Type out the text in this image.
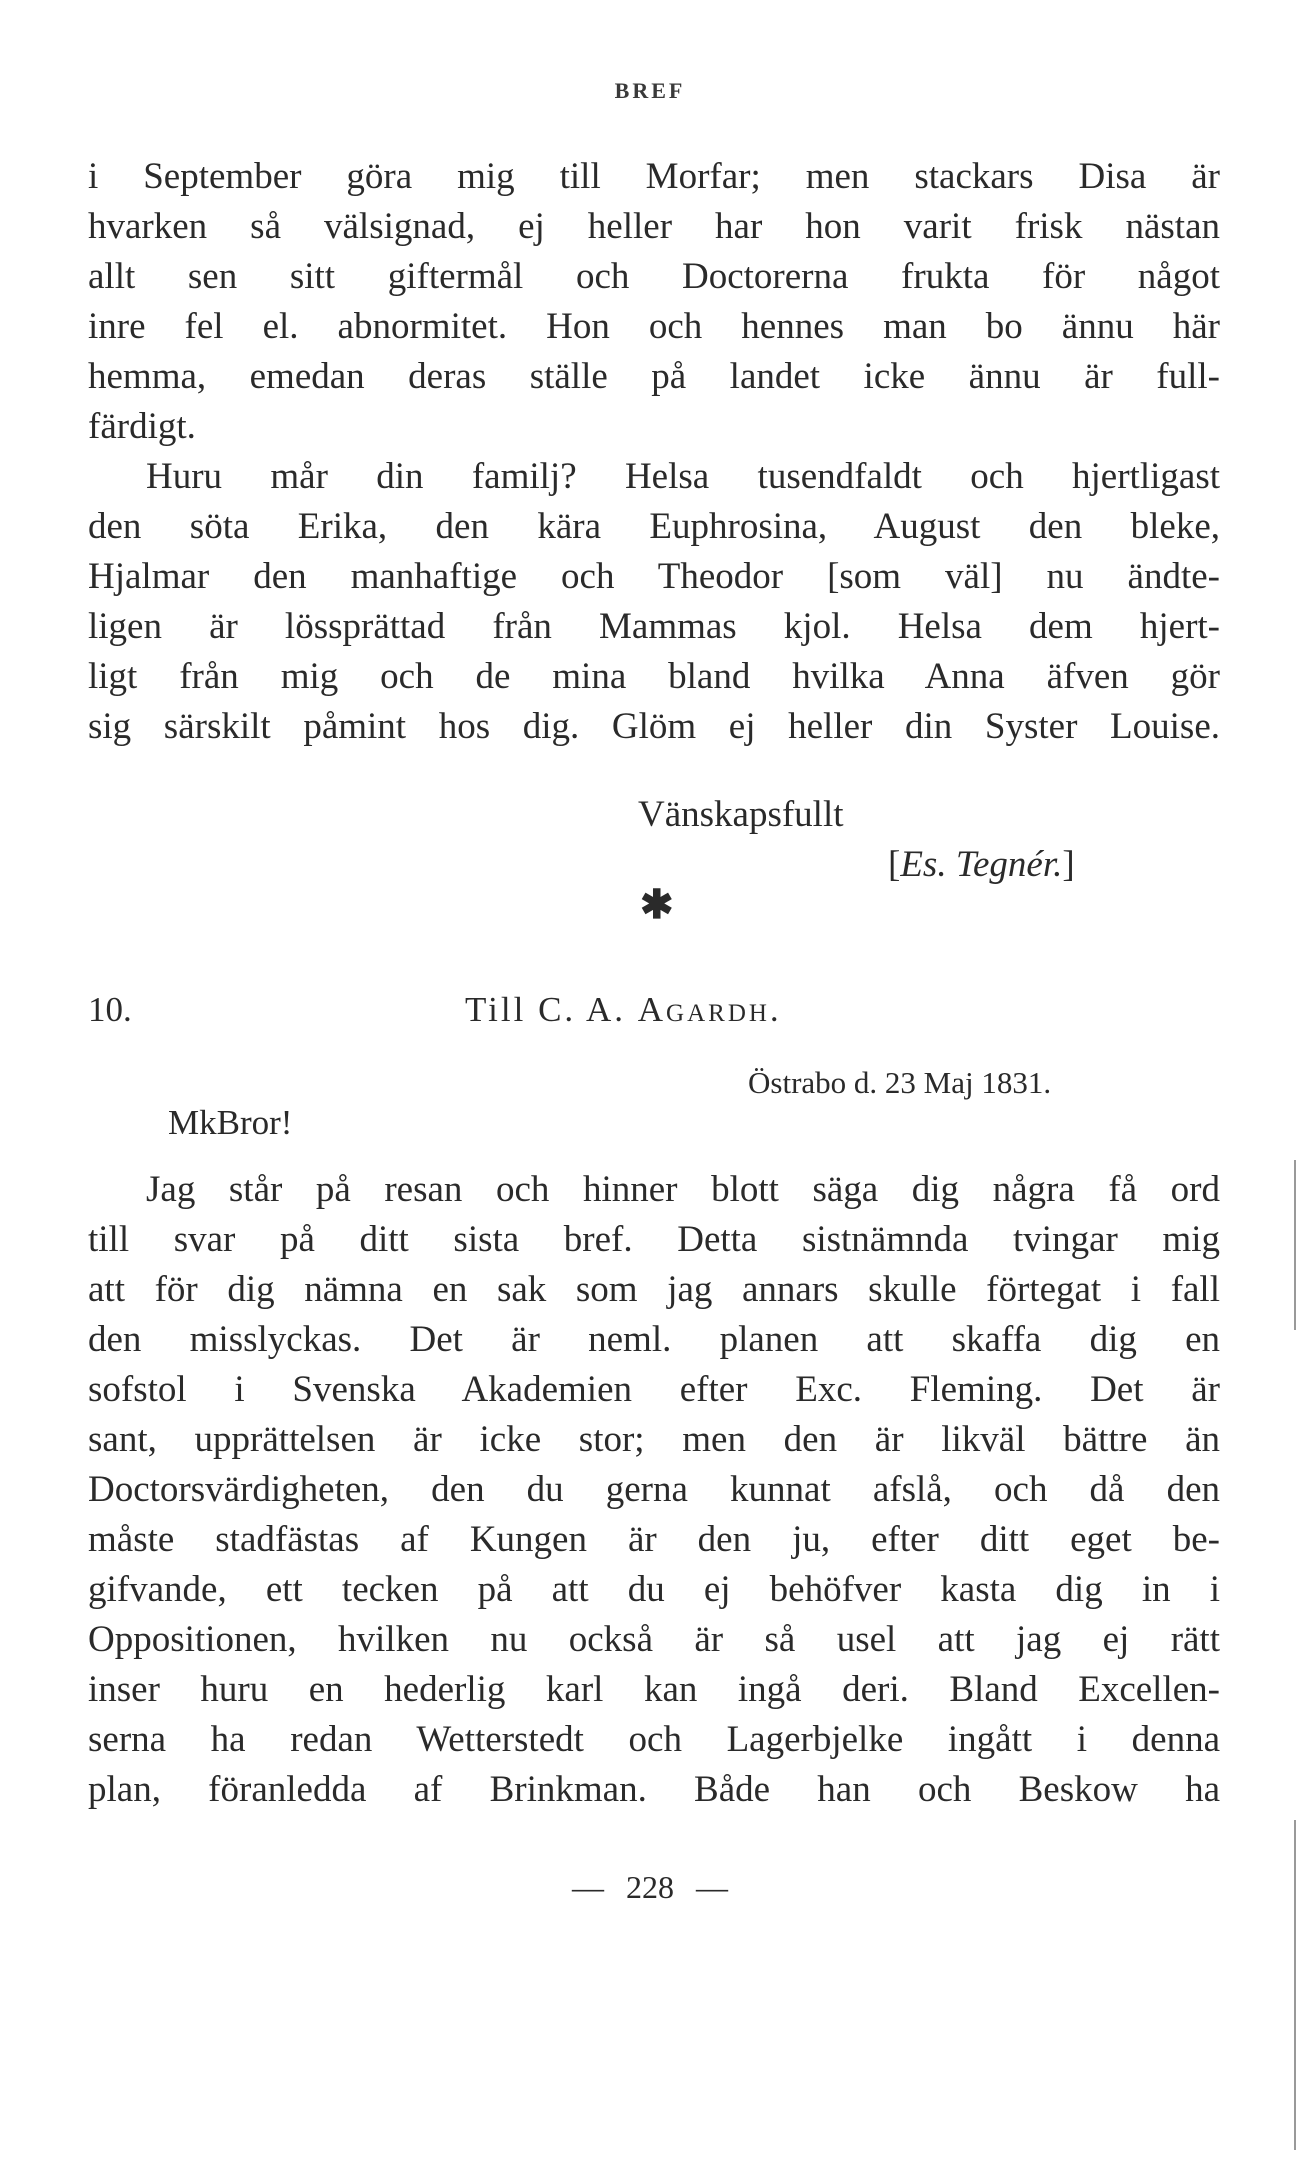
BREF
i September göra mig till Morfar; men stackars Disa är
hvarken så välsignad, ej heller har hon varit frisk nästan
allt sen sitt giftermål och Doctorerna frukta för något
inre fel el. abnormitet. Hon och hennes man bo ännu här
hemma, emedan deras ställe på landet icke ännu är full-
färdigt.
Huru mår din familj? Helsa tusendfaldt och hjertligast
den söta Erika, den kära Euphrosina, August den bleke,
Hjalmar den manhaftige och Theodor [som väl] nu ändte-
ligen är lössprättad från Mammas kjol. Helsa dem hjert-
ligt från mig och de mina bland hvilka Anna äfven gör
sig särskilt påmint hos dig. Glöm ej heller din Syster Louise.
Vänskapsfullt
[Es. Tegnér.]
✱
10.	Till C. A. Agardh.
Östrabo d. 23 Maj 1831.
MkBror!
Jag står på resan och hinner blott säga dig några få ord
till svar på ditt sista bref. Detta sistnämnda tvingar mig
att för dig nämna en sak som jag annars skulle förtegat i fall
den misslyckas. Det är neml. planen att skaffa dig en
sofstol i Svenska Akademien efter Exc. Fleming. Det är
sant, upprättelsen är icke stor; men den är likväl bättre än
Doctorsvärdigheten, den du gerna kunnat afslå, och då den
måste stadfästas af Kungen är den ju, efter ditt eget be-
gifvande, ett tecken på att du ej behöfver kasta dig in i
Oppositionen, hvilken nu också är så usel att jag ej rätt
inser huru en hederlig karl kan ingå deri. Bland Excellen-
serna ha redan Wetterstedt och Lagerbjelke ingått i denna
plan, föranledda af Brinkman. Både han och Beskow ha
— 228 —
